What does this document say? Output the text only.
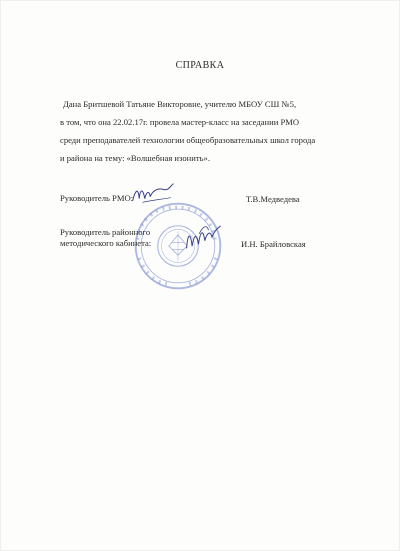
СПРАВКА
Дана Бритшевой Татьяне Викторовне, учителю МБОУ СШ №5,
в том, что она 22.02.17г. провела мастер-класс на заседании РМО
среди преподавателей технологии общеобразовательных школ города
и района на тему: «Волшебная изонить».
Руководитель РМО:	Т.В.Медведева
Руководитель районного
методического кабинета:	И.Н. Брайловская
